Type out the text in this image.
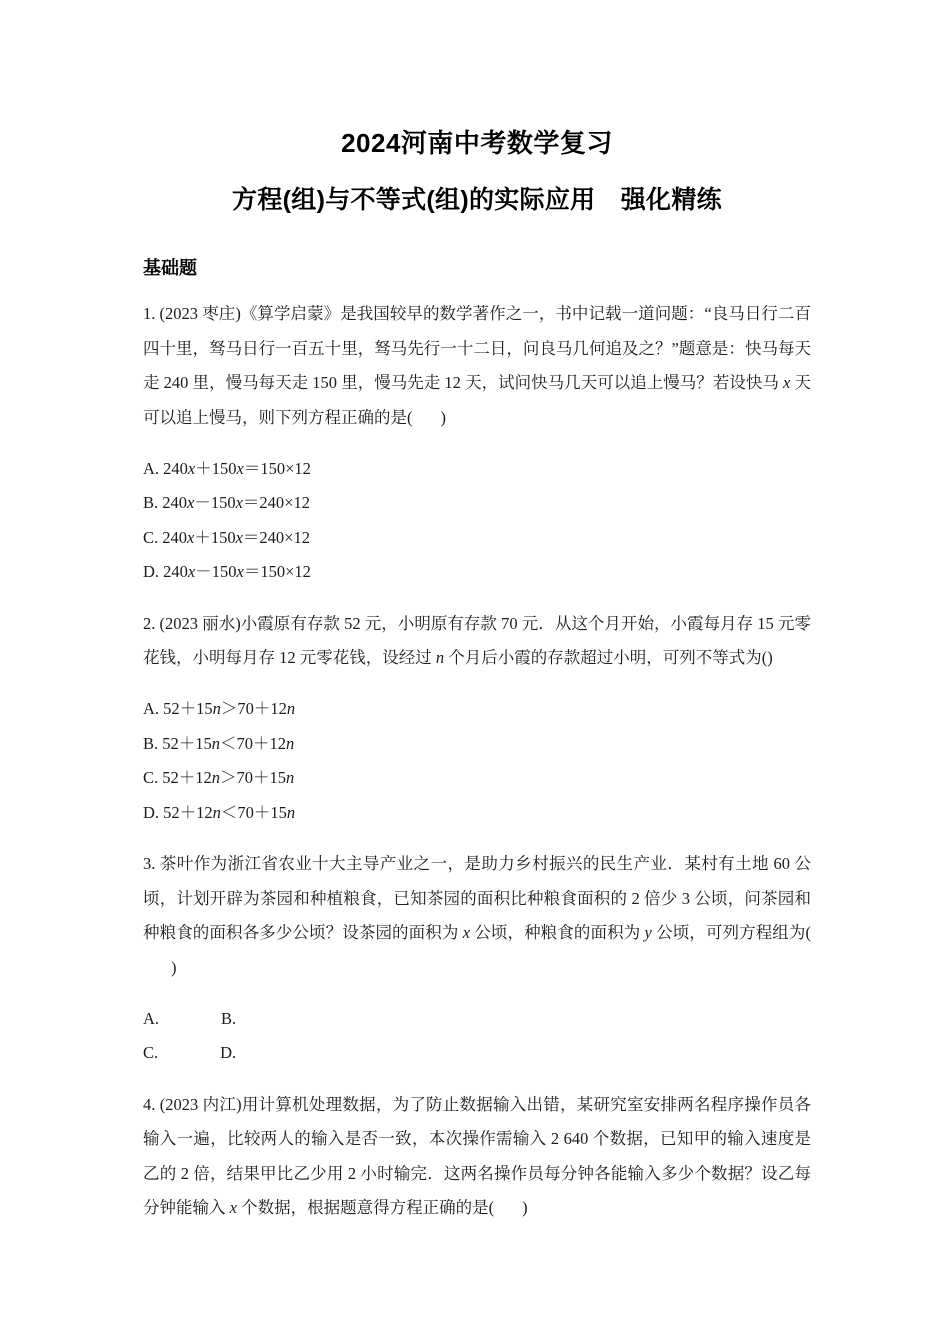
2024河南中考数学复习
方程(组)与不等式(组)的实际应用　强化精练
基础题

1. (2023 枣庄)《算学启蒙》是我国较早的数学著作之一，书中记载一道问题：“良马日行二百四十里，驽马日行一百五十里，驽马先行一十二日，问良马几何追及之？”题意是：快马每天走 240 里，慢马每天走 150 里，慢马先走 12 天，试问快马几天可以追上慢马？若设快马 x 天可以追上慢马，则下列方程正确的是( )

A. 240x＋150x＝150×12
B. 240x－150x＝240×12
C. 240x＋150x＝240×12
D. 240x－150x＝150×12

2. (2023 丽水)小霞原有存款 52 元，小明原有存款 70 元．从这个月开始，小霞每月存 15 元零花钱，小明每月存 12 元零花钱，设经过 n 个月后小霞的存款超过小明，可列不等式为()

A. 52＋15n＞70＋12n
B. 52＋15n＜70＋12n
C. 52＋12n＞70＋15n
D. 52＋12n＜70＋15n

3. 茶叶作为浙江省农业十大主导产业之一，是助力乡村振兴的民生产业．某村有土地 60 公顷，计划开辟为茶园和种植粮食，已知茶园的面积比种粮食面积的 2 倍少 3 公顷，问茶园和种粮食的面积各多少公顷？设茶园的面积为 x 公顷，种粮食的面积为 y 公顷，可列方程组为()

A.	B.
C.	D.

4. (2023 内江)用计算机处理数据，为了防止数据输入出错，某研究室安排两名程序操作员各输入一遍，比较两人的输入是否一致，本次操作需输入 2 640 个数据，已知甲的输入速度是乙的 2 倍，结果甲比乙少用 2 小时输完．这两名操作员每分钟各能输入多少个数据？设乙每分钟能输入 x 个数据，根据题意得方程正确的是( )
